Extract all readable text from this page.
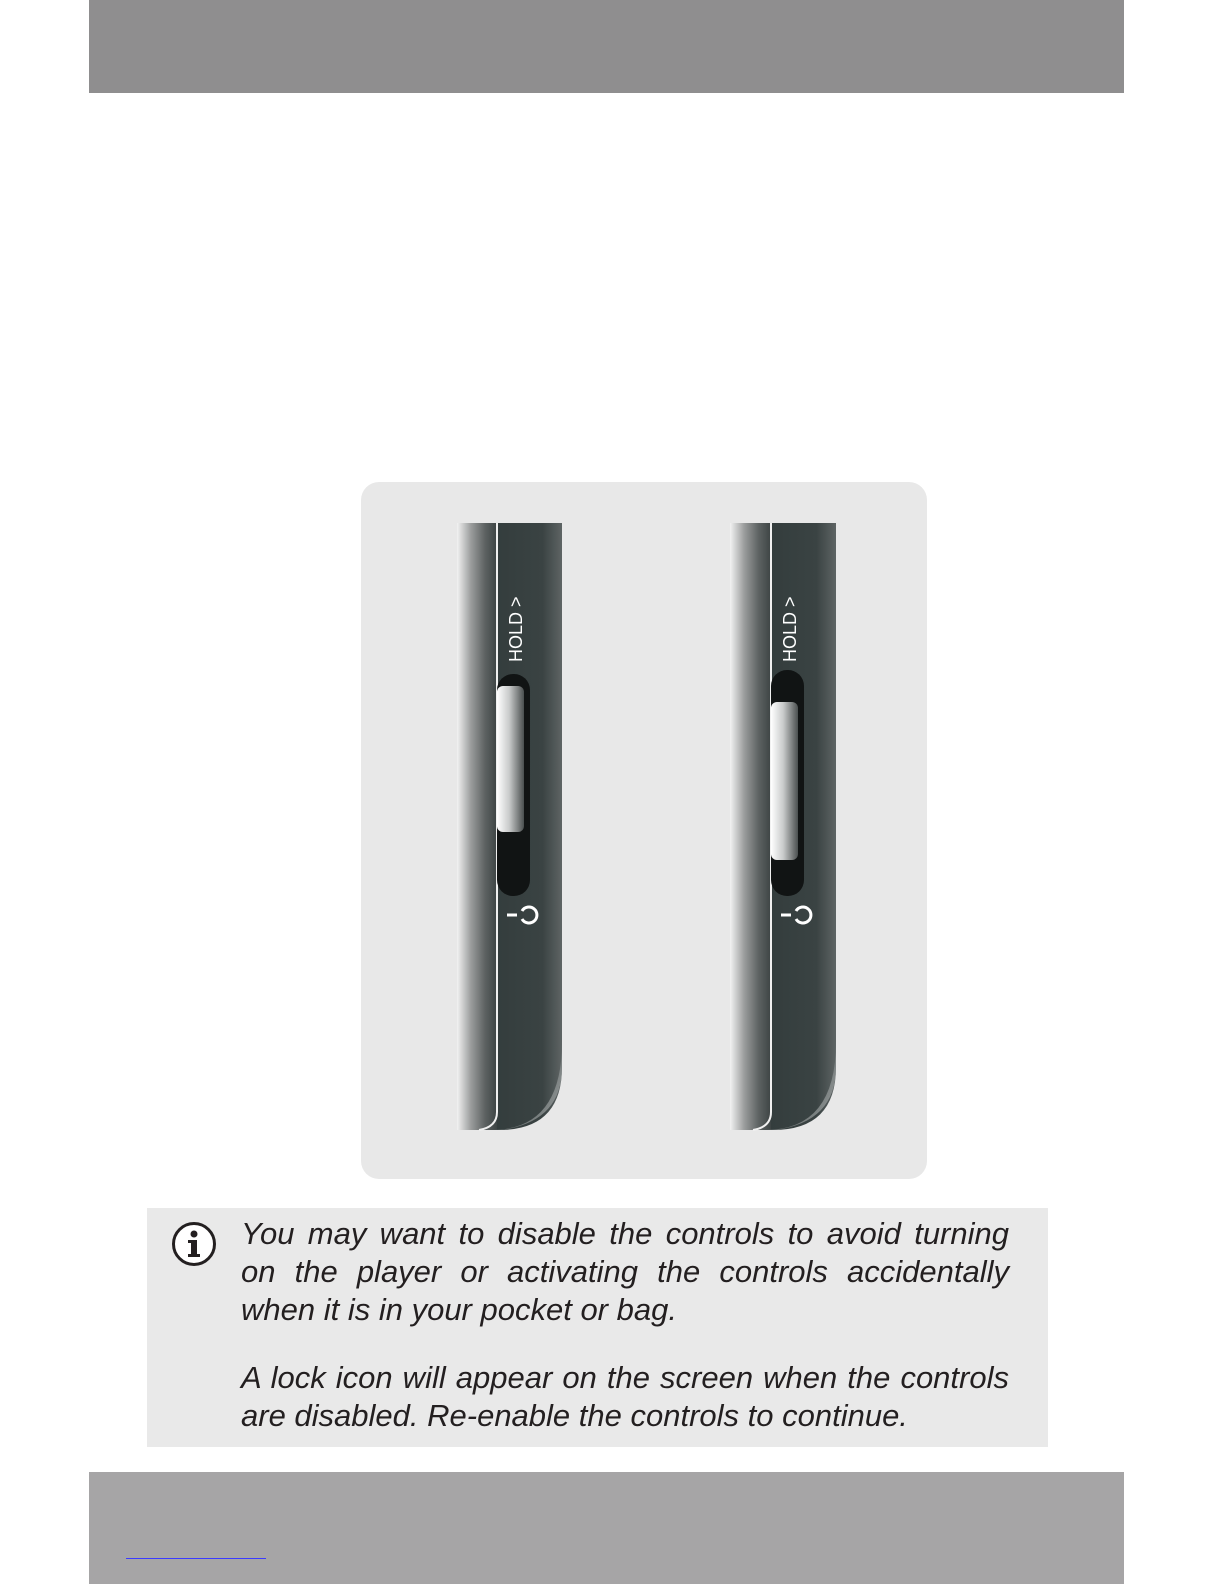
HOLD >	HOLD >

You may want to disable the controls to avoid turning on the player or activating the controls accidentally when it is in your pocket or bag.

A lock icon will appear on the screen when the controls are disabled. Re-enable the controls to continue.
